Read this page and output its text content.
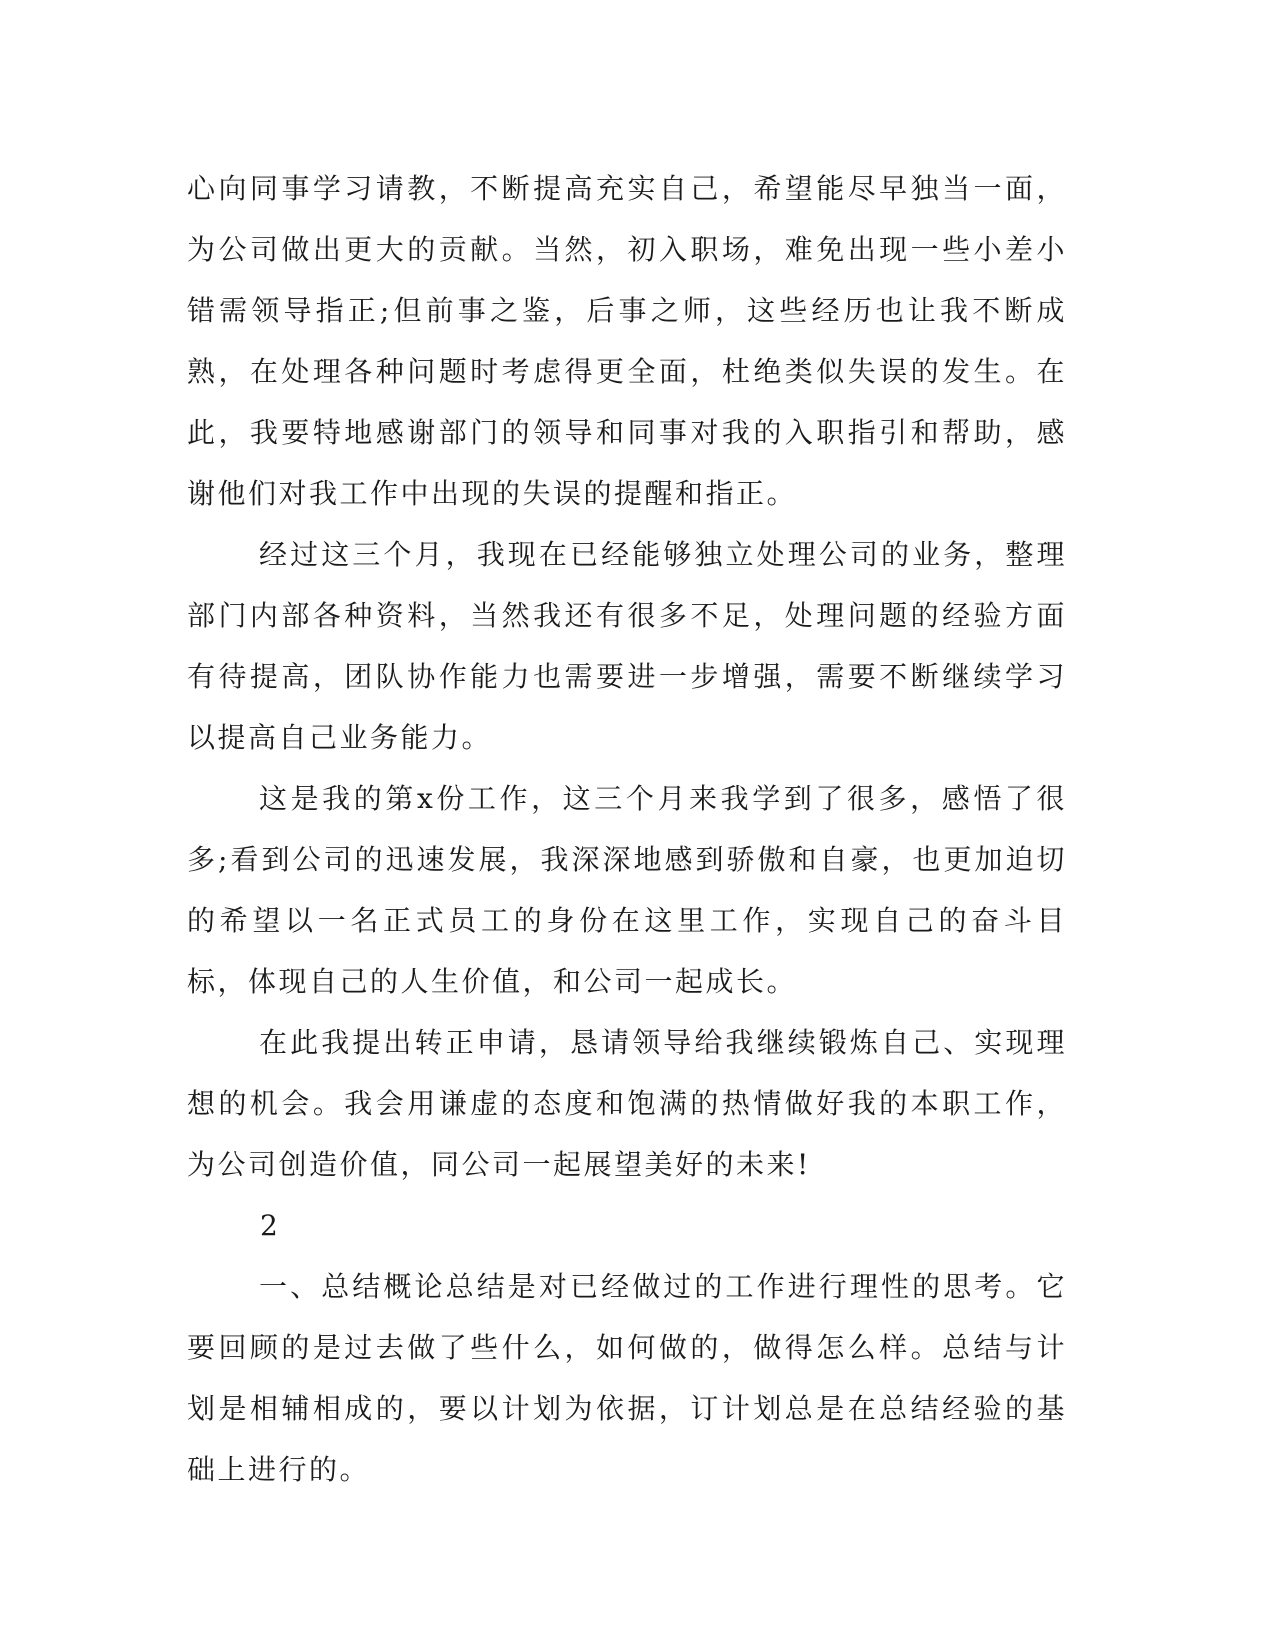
心向同事学习请教，不断提高充实自己，希望能尽早独当一面，为公司做出更大的贡献。当然，初入职场，难免出现一些小差小错需领导指正;但前事之鉴，后事之师，这些经历也让我不断成熟，在处理各种问题时考虑得更全面，杜绝类似失误的发生。在此，我要特地感谢部门的领导和同事对我的入职指引和帮助，感谢他们对我工作中出现的失误的提醒和指正。

经过这三个月，我现在已经能够独立处理公司的业务，整理部门内部各种资料，当然我还有很多不足，处理问题的经验方面有待提高，团队协作能力也需要进一步增强，需要不断继续学习以提高自己业务能力。

这是我的第x份工作，这三个月来我学到了很多，感悟了很多;看到公司的迅速发展，我深深地感到骄傲和自豪，也更加迫切的希望以一名正式员工的身份在这里工作，实现自己的奋斗目标，体现自己的人生价值，和公司一起成长。

在此我提出转正申请，恳请领导给我继续锻炼自己、实现理想的机会。我会用谦虚的态度和饱满的热情做好我的本职工作，为公司创造价值，同公司一起展望美好的未来!

2

一、总结概论总结是对已经做过的工作进行理性的思考。它要回顾的是过去做了些什么，如何做的，做得怎么样。总结与计划是相辅相成的，要以计划为依据，订计划总是在总结经验的基础上进行的。
